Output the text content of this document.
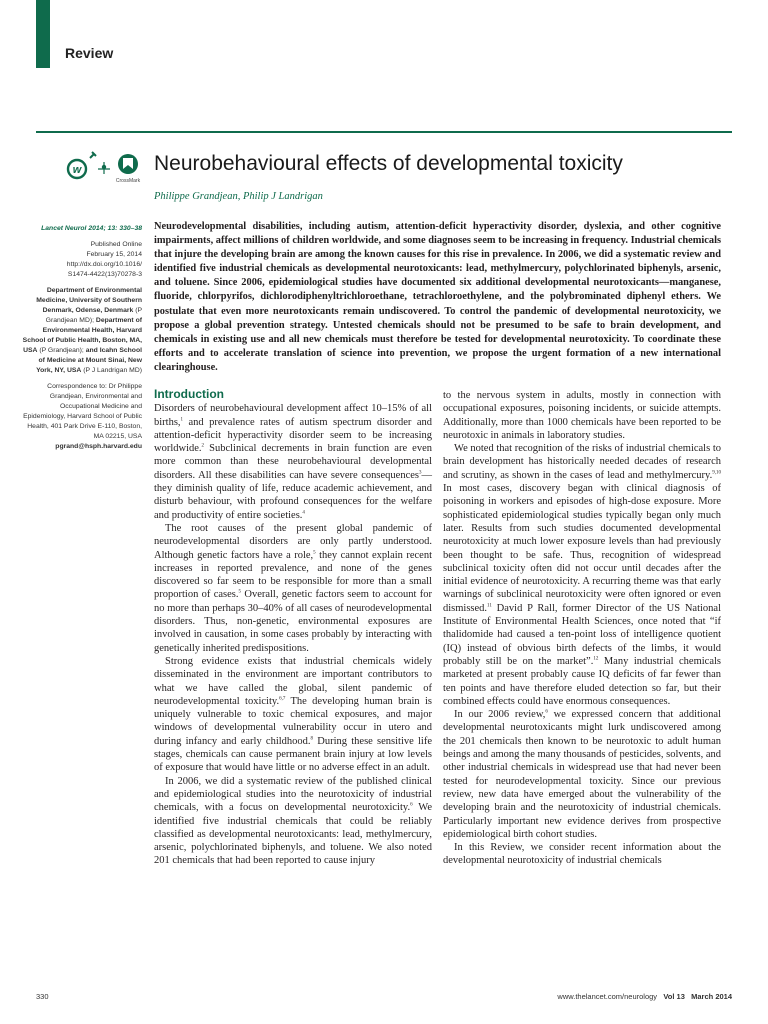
Review
w
CrossMark
Neurobehavioural effects of developmental toxicity
Philippe Grandjean, Philip J Landrigan

Lancet Neurol 2014; 13: 330–38

Published Online
February 15, 2014
http://dx.doi.org/10.1016/
S1474-4422(13)70278-3

Department of Environmental Medicine, University of Southern Denmark, Odense, Denmark (P Grandjean MD); Department of Environmental Health, Harvard School of Public Health, Boston, MA, USA (P Grandjean); and Icahn School of Medicine at Mount Sinai, New York, NY, USA (P J Landrigan MD)

Correspondence to: Dr Philippe Grandjean, Environmental and Occupational Medicine and Epidemiology, Harvard School of Public Health, 401 Park Drive E-110, Boston, MA 02215, USA
pgrand@hsph.harvard.edu

Neurodevelopmental disabilities, including autism, attention-deficit hyperactivity disorder, dyslexia, and other cognitive impairments, affect millions of children worldwide, and some diagnoses seem to be increasing in frequency. Industrial chemicals that injure the developing brain are among the known causes for this rise in prevalence. In 2006, we did a systematic review and identified five industrial chemicals as developmental neurotoxicants: lead, methylmercury, polychlorinated biphenyls, arsenic, and toluene. Since 2006, epidemiological studies have documented six additional developmental neurotoxicants—manganese, fluoride, chlorpyrifos, dichlorodiphenyltrichloroethane, tetrachloroethylene, and the polybrominated diphenyl ethers. We postulate that even more neurotoxicants remain undiscovered. To control the pandemic of developmental neurotoxicity, we propose a global prevention strategy. Untested chemicals should not be presumed to be safe to brain development, and chemicals in existing use and all new chemicals must therefore be tested for developmental neurotoxicity. To coordinate these efforts and to accelerate translation of science into prevention, we propose the urgent formation of a new international clearinghouse.

Introduction

Disorders of neurobehavioural development affect 10–15% of all births,$^1$ and prevalence rates of autism spectrum disorder and attention-deficit hyperactivity disorder seem to be increasing worldwide.$^2$ Subclinical decrements in brain function are even more common than these neurobehavioural developmental disorders. All these disabilities can have severe consequences$^3$—they diminish quality of life, reduce academic achievement, and disturb behaviour, with profound consequences for the welfare and productivity of entire societies.$^4$

The root causes of the present global pandemic of neurodevelopmental disorders are only partly understood. Although genetic factors have a role,$^5$ they cannot explain recent increases in reported prevalence, and none of the genes discovered so far seem to be responsible for more than a small proportion of cases.$^5$ Overall, genetic factors seem to account for no more than perhaps 30–40% of all cases of neurodevelopmental disorders. Thus, non-genetic, environmental exposures are involved in causation, in some cases probably by interacting with genetically inherited predispositions.

Strong evidence exists that industrial chemicals widely disseminated in the environment are important contributors to what we have called the global, silent pandemic of neurodevelopmental toxicity.$^{6,7}$ The developing human brain is uniquely vulnerable to toxic chemical exposures, and major windows of developmental vulnerability occur in utero and during infancy and early childhood.$^8$ During these sensitive life stages, chemicals can cause permanent brain injury at low levels of exposure that would have little or no adverse effect in an adult.

In 2006, we did a systematic review of the published clinical and epidemiological studies into the neurotoxicity of industrial chemicals, with a focus on developmental neurotoxicity.$^6$ We identified five industrial chemicals that could be reliably classified as developmental neurotoxicants: lead, methylmercury, arsenic, polychlorinated biphenyls, and toluene. We also noted 201 chemicals that had been reported to cause injury

to the nervous system in adults, mostly in connection with occupational exposures, poisoning incidents, or suicide attempts. Additionally, more than 1000 chemicals have been reported to be neurotoxic in animals in laboratory studies.

We noted that recognition of the risks of industrial chemicals to brain development has historically needed decades of research and scrutiny, as shown in the cases of lead and methylmercury.$^{9,10}$ In most cases, discovery began with clinical diagnosis of poisoning in workers and episodes of high-dose exposure. More sophisticated epidemiological studies typically began only much later. Results from such studies documented developmental neurotoxicity at much lower exposure levels than had previously been thought to be safe. Thus, recognition of widespread subclinical toxicity often did not occur until decades after the initial evidence of neurotoxicity. A recurring theme was that early warnings of subclinical neurotoxicity were often ignored or even dismissed.$^{11}$ David P Rall, former Director of the US National Institute of Environmental Health Sciences, once noted that “if thalidomide had caused a ten-point loss of intelligence quotient (IQ) instead of obvious birth defects of the limbs, it would probably still be on the market”.$^{12}$ Many industrial chemicals marketed at present probably cause IQ deficits of far fewer than ten points and have therefore eluded detection so far, but their combined effects could have enormous consequences.

In our 2006 review,$^6$ we expressed concern that additional developmental neurotoxicants might lurk undiscovered among the 201 chemicals then known to be neurotoxic to adult human beings and among the many thousands of pesticides, solvents, and other industrial chemicals in widespread use that had never been tested for neurodevelopmental toxicity. Since our previous review, new data have emerged about the vulnerability of the developing brain and the neurotoxicity of industrial chemicals. Particularly important new evidence derives from prospective epidemiological birth cohort studies.

In this Review, we consider recent information about the developmental neurotoxicity of industrial chemicals

330	www.thelancet.com/neurology Vol 13 March 2014
